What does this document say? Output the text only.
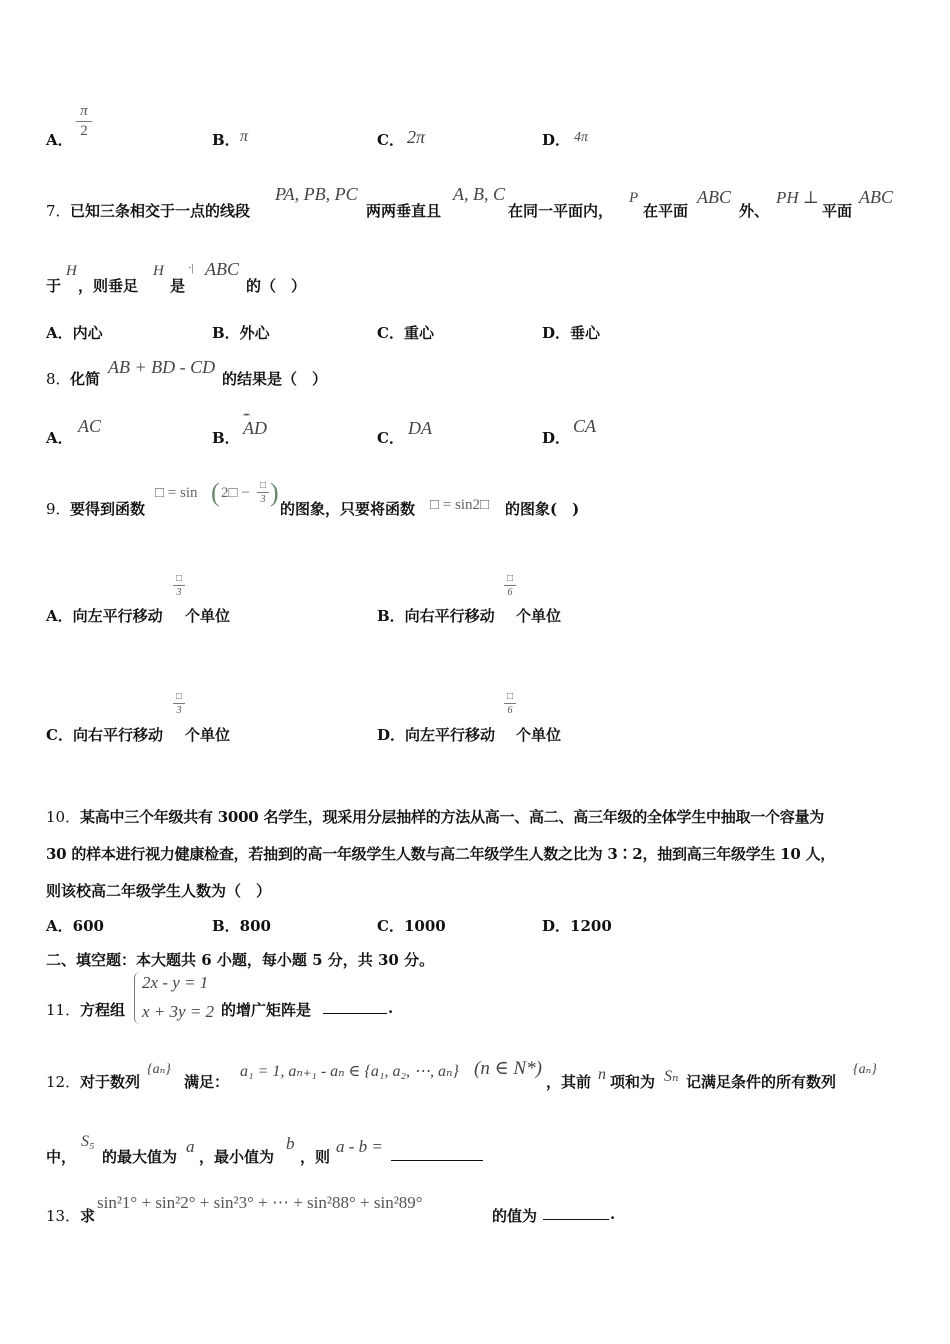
A．
π
2	B． π	C． 2π	D． 4π
7． 已知三条相交于一点的线段
PA, PB, PC
两两垂直且
A, B, C
在同一平面内，
P
在平面
ABC
外、
PH ⊥
平面
ABC
于
H
，则垂足
H
是
·| ABC
的（　）
A．内心	B．外心	C．重心	D．垂心
8． 化简
AB + BD - CD
的结果是（　）
A．
AC
B．
ꞈꞈꞈ
AD	C． DA	D．
CA
9． 要得到函数
□ = sin ( 2□ − □
3 )
的图象，只要将函数 □ = sin2□ 的图象(　)
A．向左平行移动
□
3
个单位	B．向右平行移动
□
6
个单位
C．向右平行移动
□
3
个单位	D．向左平行移动
□
6
个单位
10． 某高中三个年级共有 3000 名学生，现采用分层抽样的方法从高一、高二、高三年级的全体学生中抽取一个容量为
30 的样本进行视力健康检查，若抽到的高一年级学生人数与高二年级学生人数之比为 3∶2，抽到高三年级学生 10 人，
则该校高二年级学生人数为（　）
A．600	B．800	C．1000	D．1200
二、填空题：本大题共 6 小题，每小题 5 分，共 30 分。
11． 方程组
2x - y = 1
x + 3y = 2 的增广矩阵是	.
12． 对于数列
{aₙ}
满足：
a₁ = 1, aₙ₊₁ - aₙ ∈ {a₁, a₂, ⋯, aₙ} (n ∈ N*)
，其前 n 项和为 Sₙ 记满足条件的所有数列
{aₙ}
中，
S₅
的最大值为
a
，最小值为
b
，则
a - b =
13． 求
sin²1° + sin²2° + sin²3° + ⋯ + sin²88° + sin²89°
的值为	.
